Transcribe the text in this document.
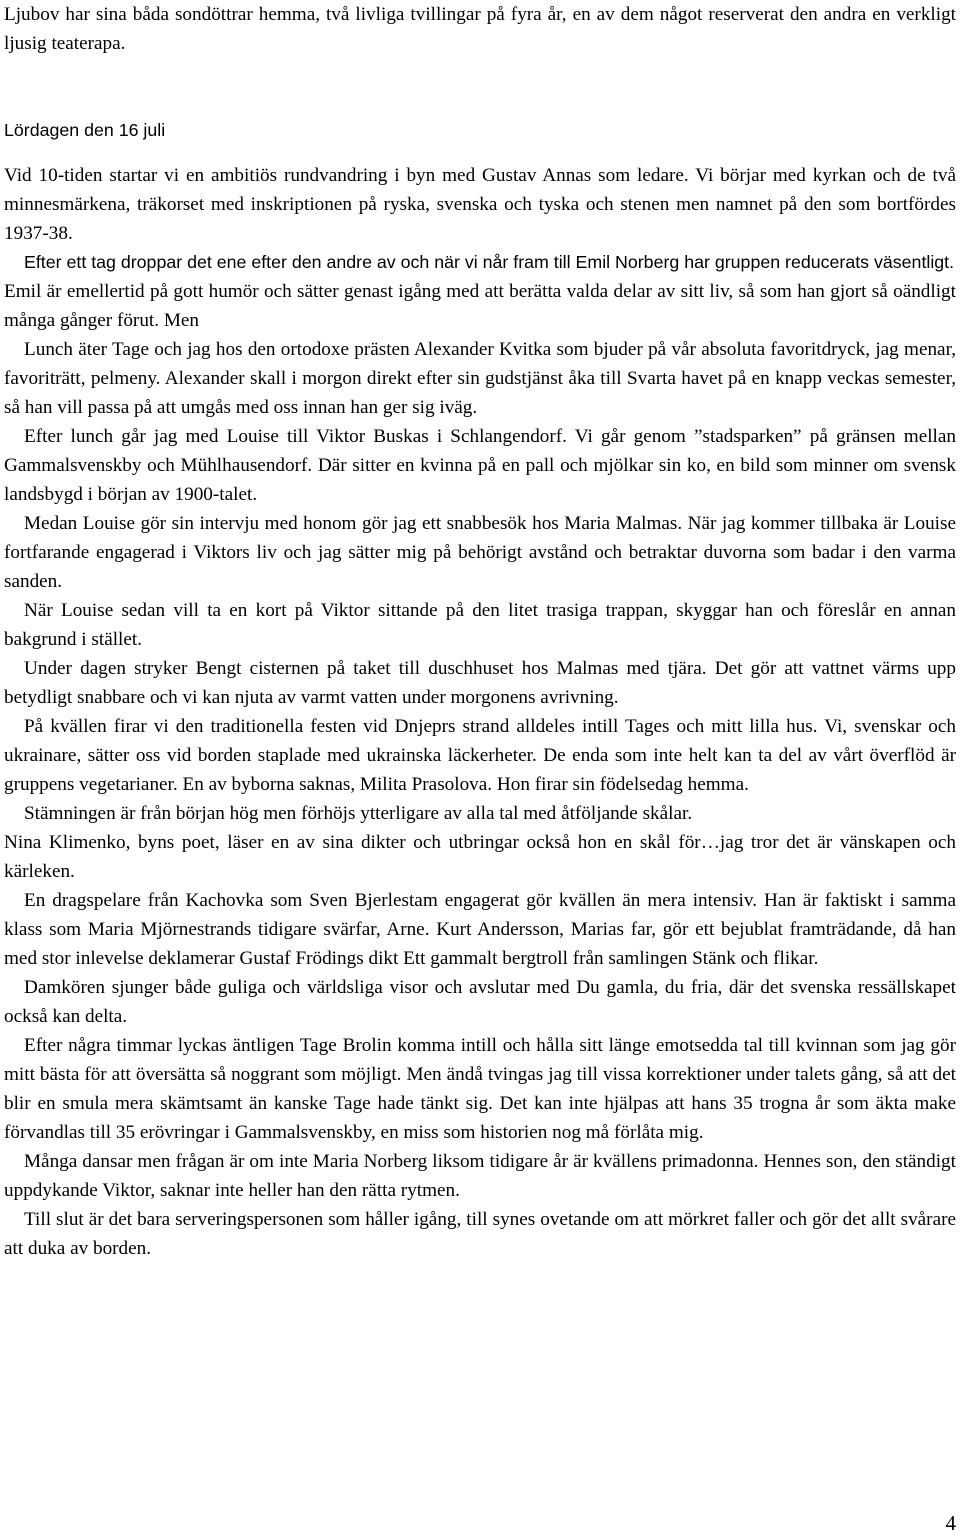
Ljubov har sina båda sondöttrar hemma, två livliga tvillingar på fyra år, en av dem något reserverat den andra en verkligt ljusig teaterapa.

Lördagen den 16 juli

Vid 10-tiden startar vi en ambitiös rundvandring i byn med Gustav Annas som ledare. Vi börjar med kyrkan och de två minnesmärkena, träkorset med inskriptionen på ryska, svenska och tyska och stenen men namnet på den som bortfördes 1937-38.

Efter ett tag droppar det ene efter den andre av och när vi når fram till Emil Norberg har gruppen reducerats väsentligt.

Emil är emellertid på gott humör och sätter genast igång med att berätta valda delar av sitt liv, så som han gjort så oändligt många gånger förut. Men

Lunch äter Tage och jag hos den ortodoxe prästen Alexander Kvitka som bjuder på vår absoluta favoritdryck, jag menar, favoriträtt, pelmeny. Alexander skall i morgon direkt efter sin gudstjänst åka till Svarta havet på en knapp veckas semester, så han vill passa på att umgås med oss innan han ger sig iväg.

Efter lunch går jag med Louise till Viktor Buskas i Schlangendorf. Vi går genom ”stadsparken” på gränsen mellan Gammalsvenskby och Mühlhausendorf. Där sitter en kvinna på en pall och mjölkar sin ko, en bild som minner om svensk landsbygd i början av 1900-talet.

Medan Louise gör sin intervju med honom gör jag ett snabbesök hos Maria Malmas. När jag kommer tillbaka är Louise fortfarande engagerad i Viktors liv och jag sätter mig på behörigt avstånd och betraktar duvorna som badar i den varma sanden.

När Louise sedan vill ta en kort på Viktor sittande på den litet trasiga trappan, skyggar han och föreslår en annan bakgrund i stället.

Under dagen stryker Bengt cisternen på taket till duschhuset hos Malmas med tjära. Det gör att vattnet värms upp betydligt snabbare och vi kan njuta av varmt vatten under morgonens avrivning.

På kvällen firar vi den traditionella festen vid Dnjeprs strand alldeles intill Tages och mitt lilla hus. Vi, svenskar och ukrainare, sätter oss vid borden staplade med ukrainska läckerheter. De enda som inte helt kan ta del av vårt överflöd är gruppens vegetarianer. En av byborna saknas, Milita Prasolova. Hon firar sin födelsedag hemma.

Stämningen är från början hög men förhöjs ytterligare av alla tal med åtföljande skålar.

Nina Klimenko, byns poet, läser en av sina dikter och utbringar också hon en skål för…jag tror det är vänskapen och kärleken.

En dragspelare från Kachovka som Sven Bjerlestam engagerat gör kvällen än mera intensiv. Han är faktiskt i samma klass som Maria Mjörnestrands tidigare svärfar, Arne. Kurt Andersson, Marias far, gör ett bejublat framträdande, då han med stor inlevelse deklamerar Gustaf Frödings dikt Ett gammalt bergtroll från samlingen Stänk och flikar.

Damkören sjunger både guliga och världsliga visor och avslutar med Du gamla, du fria, där det svenska ressällskapet också kan delta.

Efter några timmar lyckas äntligen Tage Brolin komma intill och hålla sitt länge emotsedda tal till kvinnan som jag gör mitt bästa för att översätta så noggrant som möjligt. Men ändå tvingas jag till vissa korrektioner under talets gång, så att det blir en smula mera skämtsamt än kanske Tage hade tänkt sig. Det kan inte hjälpas att hans 35 trogna år som äkta make förvandlas till 35 erövringar i Gammalsvenskby, en miss som historien nog må förlåta mig.

Många dansar men frågan är om inte Maria Norberg liksom tidigare år är kvällens primadonna. Hennes son, den ständigt uppdykande Viktor, saknar inte heller han den rätta rytmen.

Till slut är det bara serveringspersonen som håller igång, till synes ovetande om att mörkret faller och gör det allt svårare att duka av borden.

4
